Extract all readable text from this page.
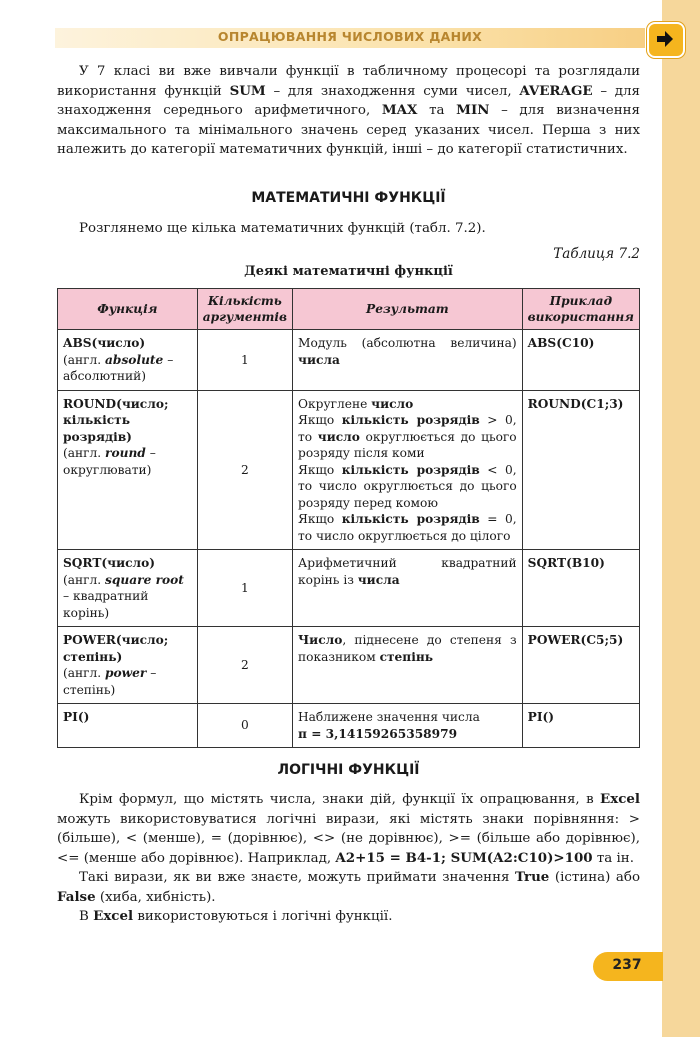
ОПРАЦЮВАННЯ ЧИСЛОВИХ ДАНИХ

У 7 класі ви вже вивчали функції в табличному процесорі та розглядали використання функцій SUM – для знаходження суми чисел, AVERAGE – для знаходження середнього арифметичного, MAX та MIN – для визначення максимального та мінімального значень серед указаних чисел. Перша з них належить до категорії математичних функцій, інші – до категорії статистичних.

МАТЕМАТИЧНІ ФУНКЦІЇ

Розглянемо ще кілька математичних функцій (табл. 7.2).

Таблиця 7.2
Деякі математичні функції
Функція	Кількість аргументів	Результат	Приклад використання
ABS(число)
(англ. absolute – абсолютний)	1	Модуль (абсолютна величина) числа	ABS(C10)
ROUND(число; кількість розрядів)
(англ. round – округлювати)	2	Округлене число
Якщо кількість розрядів > 0, то число округлюється до цього розряду після коми
Якщо кількість розрядів < 0, то число округлюється до цього розряду перед комою
Якщо кількість розрядів = 0, то число округлюється до цілого	ROUND(C1;3)
SQRT(число)
(англ. square root – квадратний корінь)	1	Арифметичний квадратний корінь із числа	SQRT(B10)
POWER(число; степінь)
(англ. power – степінь)	2	Число, піднесене до степеня з показником степінь	POWER(C5;5)
PI()	0	Наближене значення числа
π = 3,14159265358979	PI()
ЛОГІЧНІ ФУНКЦІЇ

Крім формул, що містять числа, знаки дій, функції їх опрацювання, в Excel можуть використовуватися логічні вирази, які містять знаки порівняння: > (більше), < (менше), = (дорівнює), <> (не дорівнює), >= (більше або дорівнює), <= (менше або дорівнює). Наприклад, A2+15 = B4-1; SUM(A2:C10)>100 та ін.

Такі вирази, як ви вже знаєте, можуть приймати значення True (істина) або False (хиба, хибність).

В Excel використовуються і логічні функції.

237
